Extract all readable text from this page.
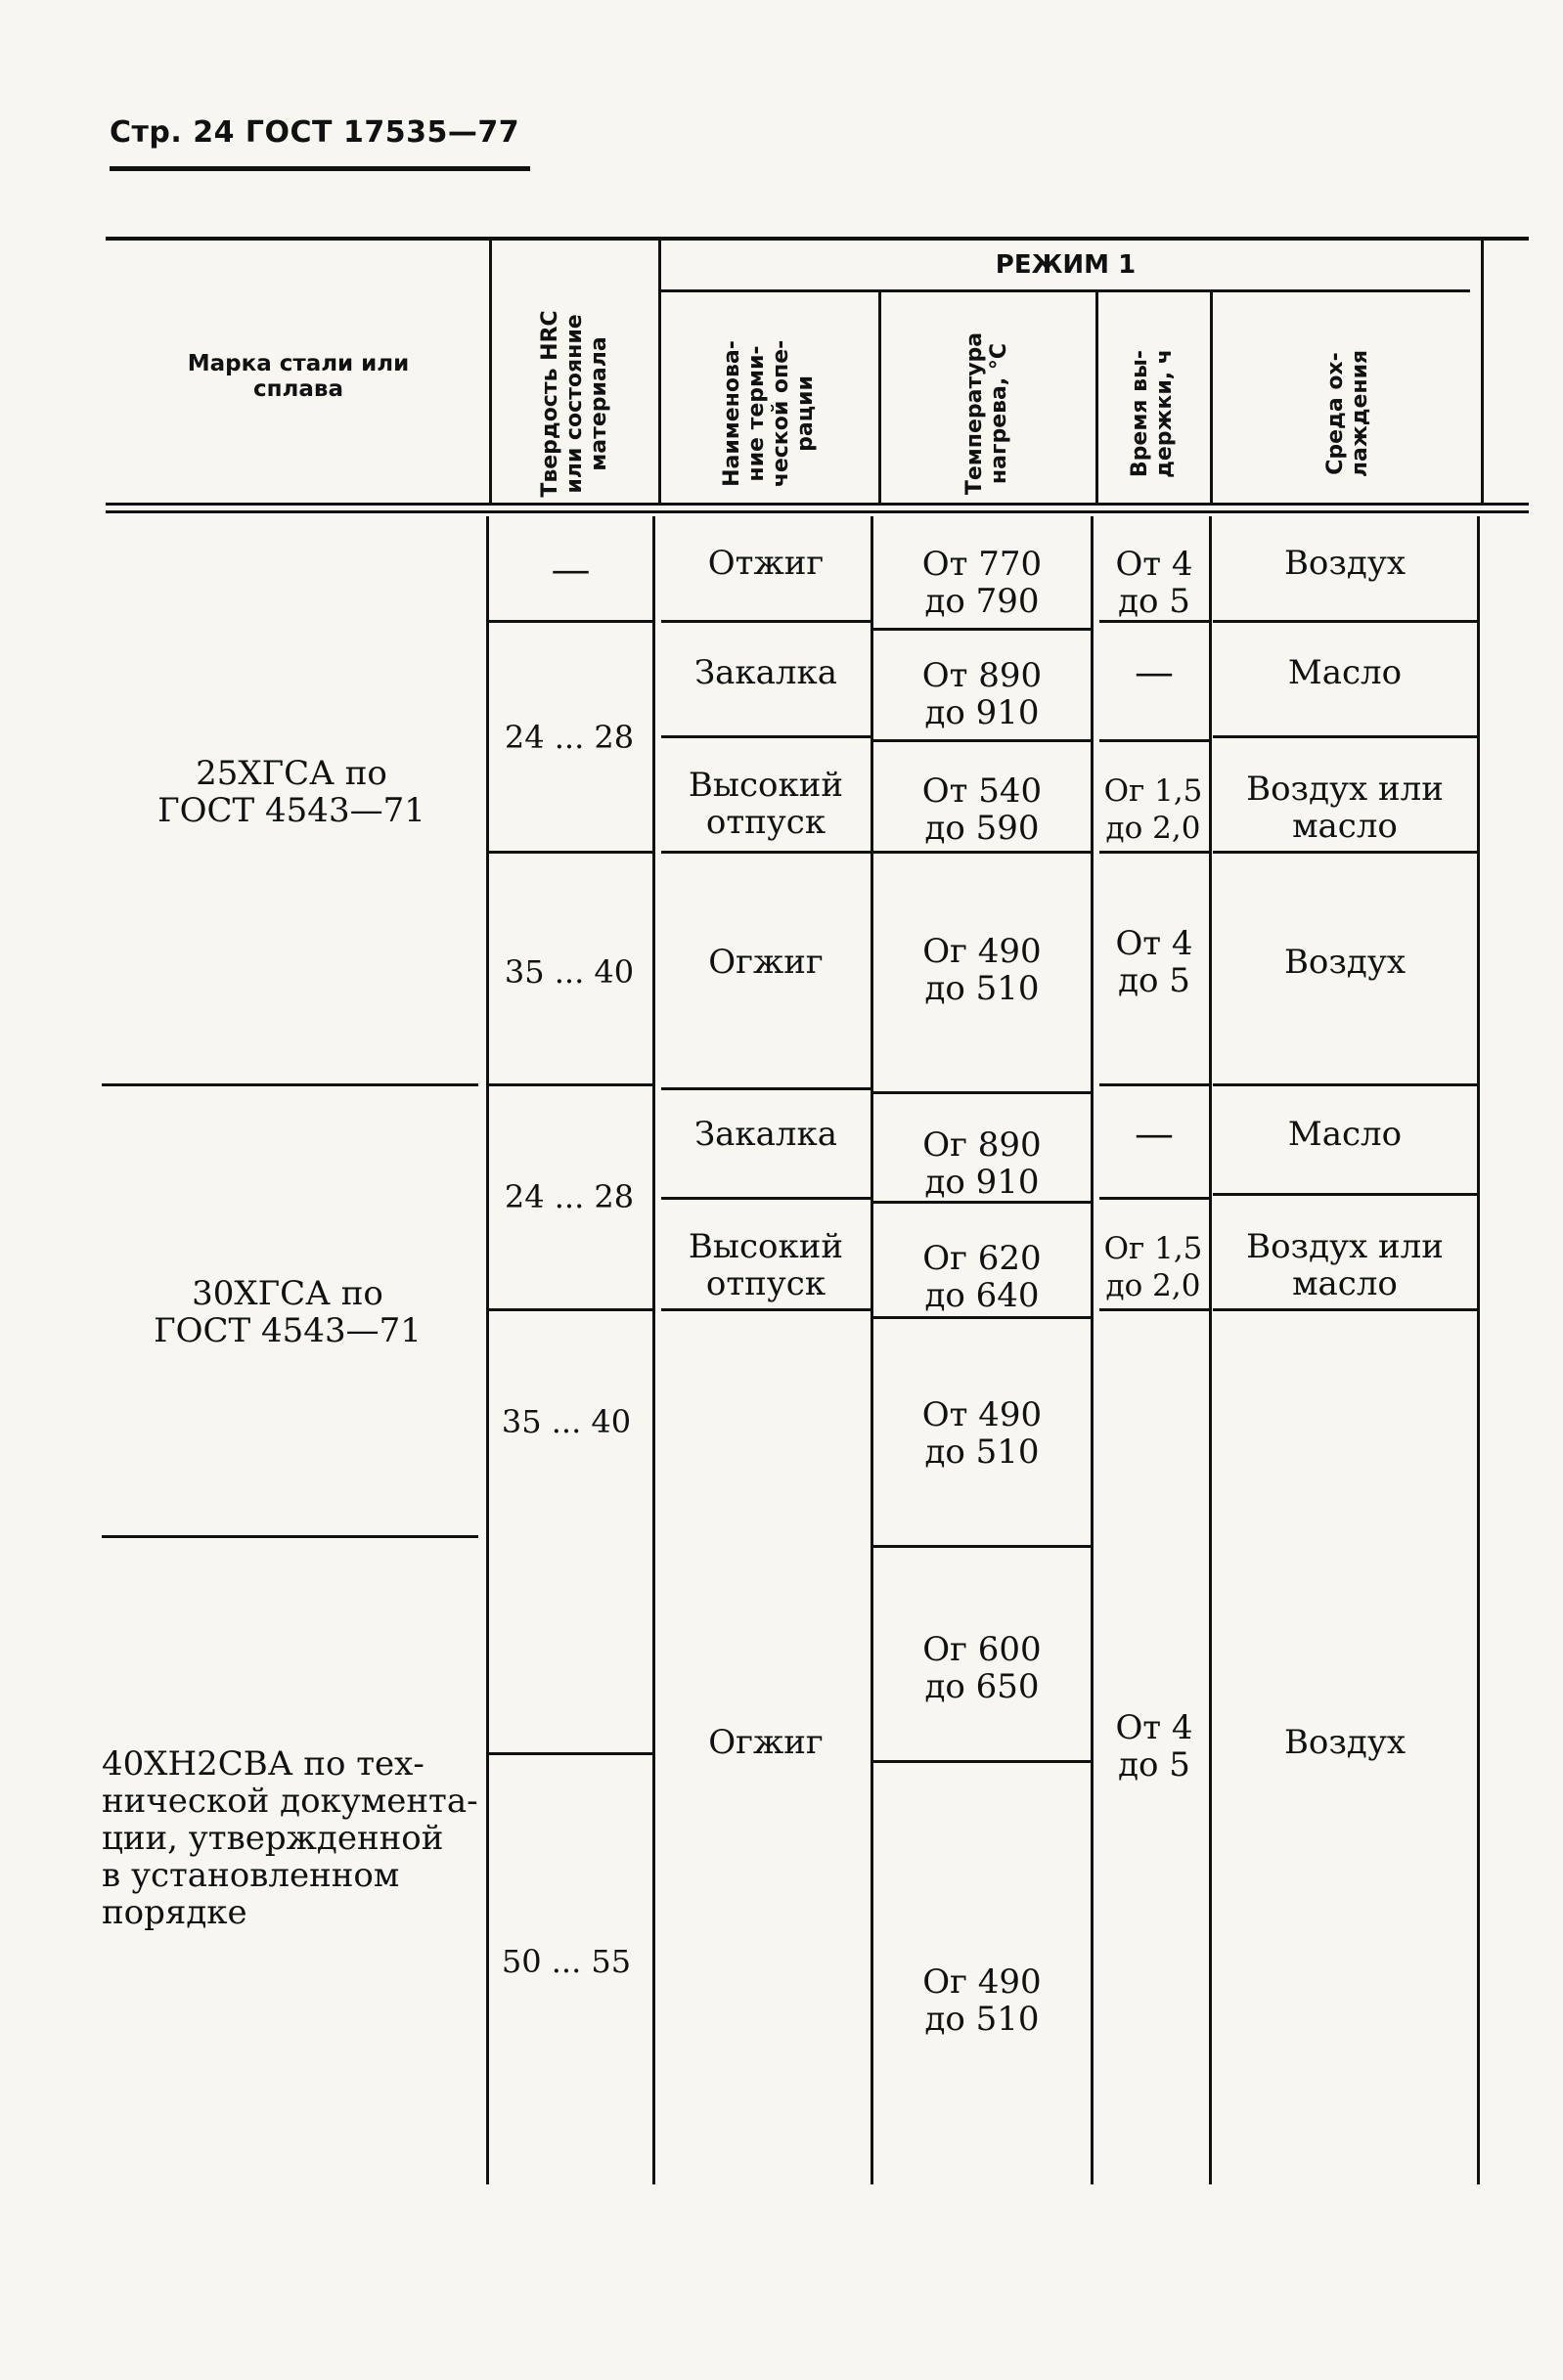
Стр. 24 ГОСТ 17535—77
Марка стали или
сплава	Твердость HRC
или состояние
материала
РЕЖИМ 1
Наименова-
ние терми-
ческой опе-
рации	Температура
нагрева, °С
Время вы-
держки, ч
Среда ох-
лаждения
25ХГСА по
ГОСТ 4543—71
30ХГСА по
ГОСТ 4543—71
40ХН2СВА по тех-
нической документа-
ции, утвержденной
в установленном
порядке
—
24 ... 28
35 ... 40
24 ... 28
35 ... 40
50 ... 55
Отжиг
Закалка
Высокий
отпуск
Огжиг
Закалка
Высокий
отпуск
Огжиг
От 770
до 790
От 890
до 910
От 540
до 590
Ог 490
до 510
Ог 890
до 910
Ог 620
до 640
От 490
до 510
Ог 600
до 650
Ог 490
до 510
От 4
до 5
—
Ог 1,5
до 2,0
От 4
до 5
—
Ог 1,5
до 2,0
От 4
до 5
Воздух
Масло
Воздух или
масло
Воздух
Масло
Воздух или
масло
Воздух
